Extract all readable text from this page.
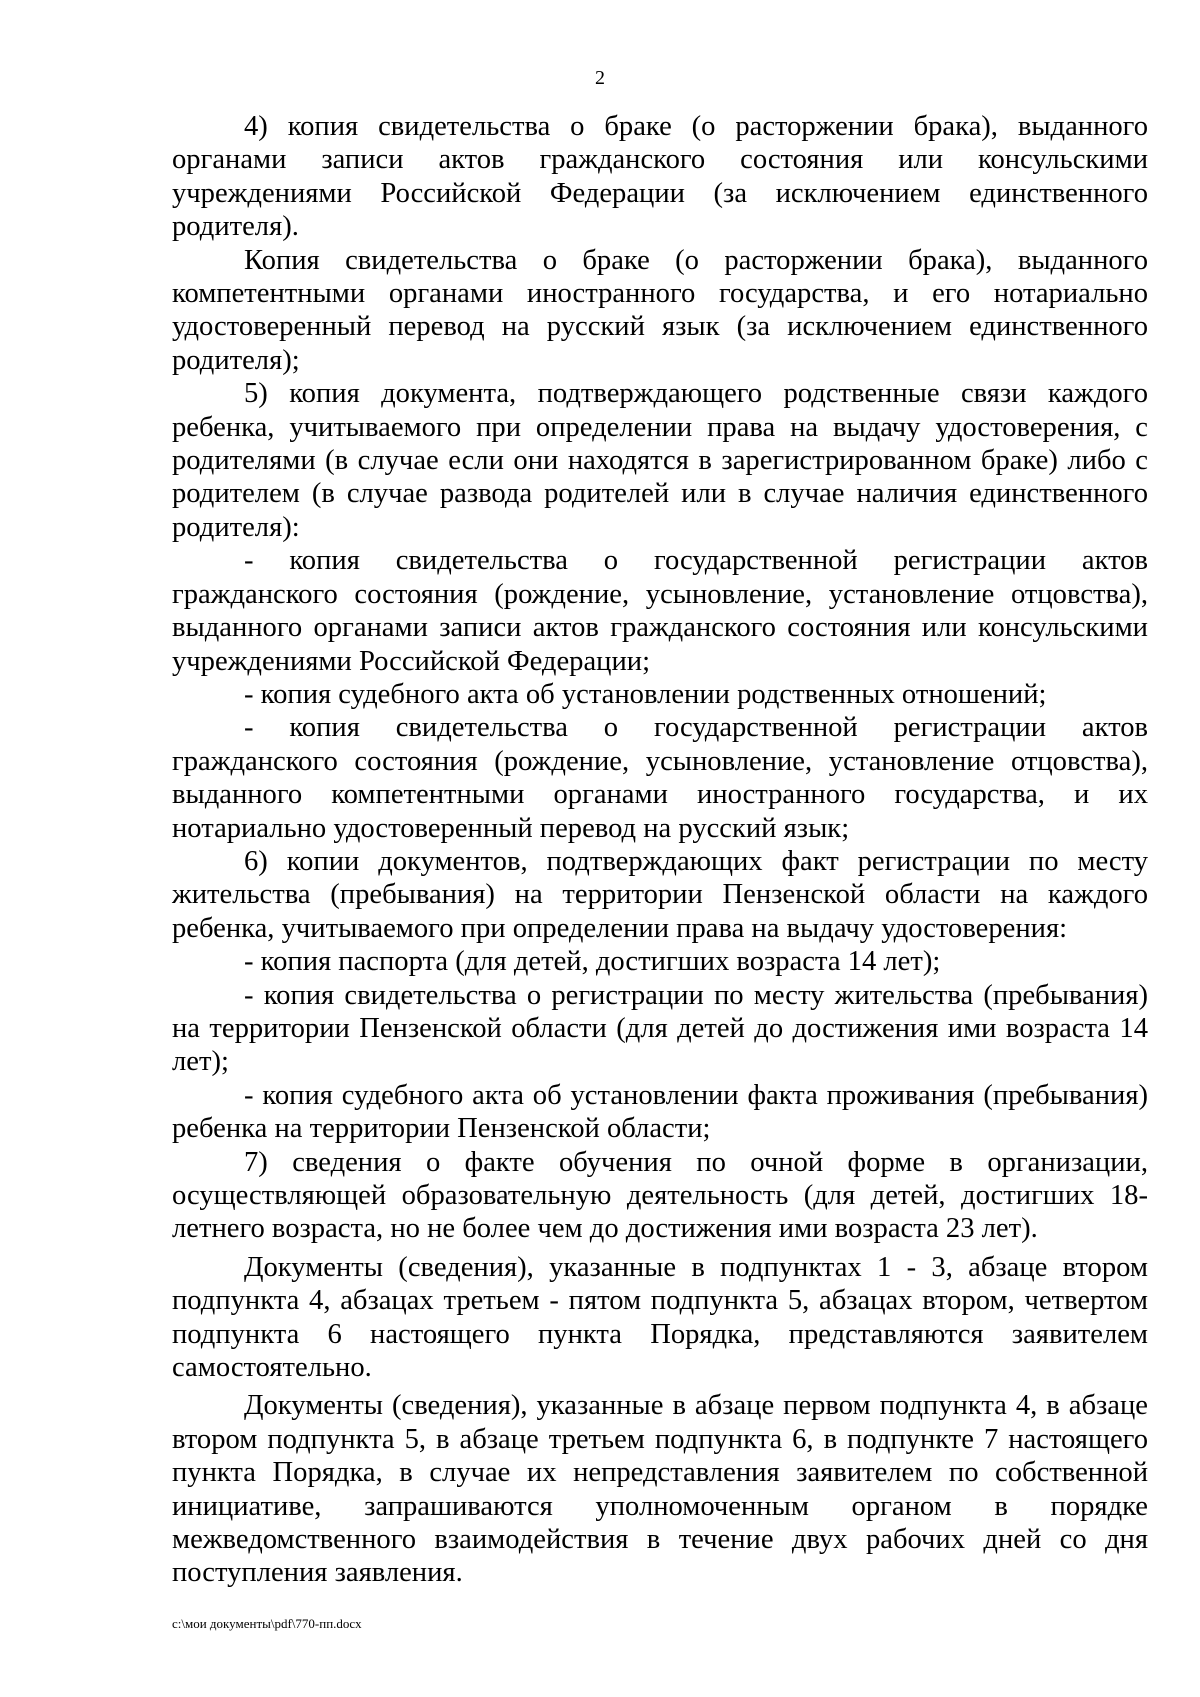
2

4) копия свидетельства о браке (о расторжении брака), выданного органами записи актов гражданского состояния или консульскими учреждениями Российской Федерации (за исключением единственного родителя).

Копия свидетельства о браке (о расторжении брака), выданного компетентными органами иностранного государства, и его нотариально удостоверенный перевод на русский язык (за исключением единственного родителя);

5) копия документа, подтверждающего родственные связи каждого ребенка, учитываемого при определении права на выдачу удостоверения, с родителями (в случае если они находятся в зарегистрированном браке) либо с родителем (в случае развода родителей или в случае наличия единственного родителя):

- копия свидетельства о государственной регистрации актов гражданского состояния (рождение, усыновление, установление отцовства), выданного органами записи актов гражданского состояния или консульскими учреждениями Российской Федерации;

- копия судебного акта об установлении родственных отношений;

- копия свидетельства о государственной регистрации актов гражданского состояния (рождение, усыновление, установление отцовства), выданного компетентными органами иностранного государства, и их нотариально удостоверенный перевод на русский язык;

6) копии документов, подтверждающих факт регистрации по месту жительства (пребывания) на территории Пензенской области на каждого ребенка, учитываемого при определении права на выдачу удостоверения:

- копия паспорта (для детей, достигших возраста 14 лет);

- копия свидетельства о регистрации по месту жительства (пребывания) на территории Пензенской области (для детей до достижения ими возраста 14 лет);

- копия судебного акта об установлении факта проживания (пребывания) ребенка на территории Пензенской области;

7) сведения о факте обучения по очной форме в организации, осуществляющей образовательную деятельность (для детей, достигших 18-летнего возраста, но не более чем до достижения ими возраста 23 лет).

Документы (сведения), указанные в подпунктах 1 - 3, абзаце втором подпункта 4, абзацах третьем - пятом подпункта 5, абзацах втором, четвертом подпункта 6 настоящего пункта Порядка, представляются заявителем самостоятельно.

Документы (сведения), указанные в абзаце первом подпункта 4, в абзаце втором подпункта 5, в абзаце третьем подпункта 6, в подпункте 7 настоящего пункта Порядка, в случае их непредставления заявителем по собственной инициативе, запрашиваются уполномоченным органом в порядке межведомственного взаимодействия в течение двух рабочих дней со дня поступления заявления.

c:\мои документы\pdf\770-пп.docx
